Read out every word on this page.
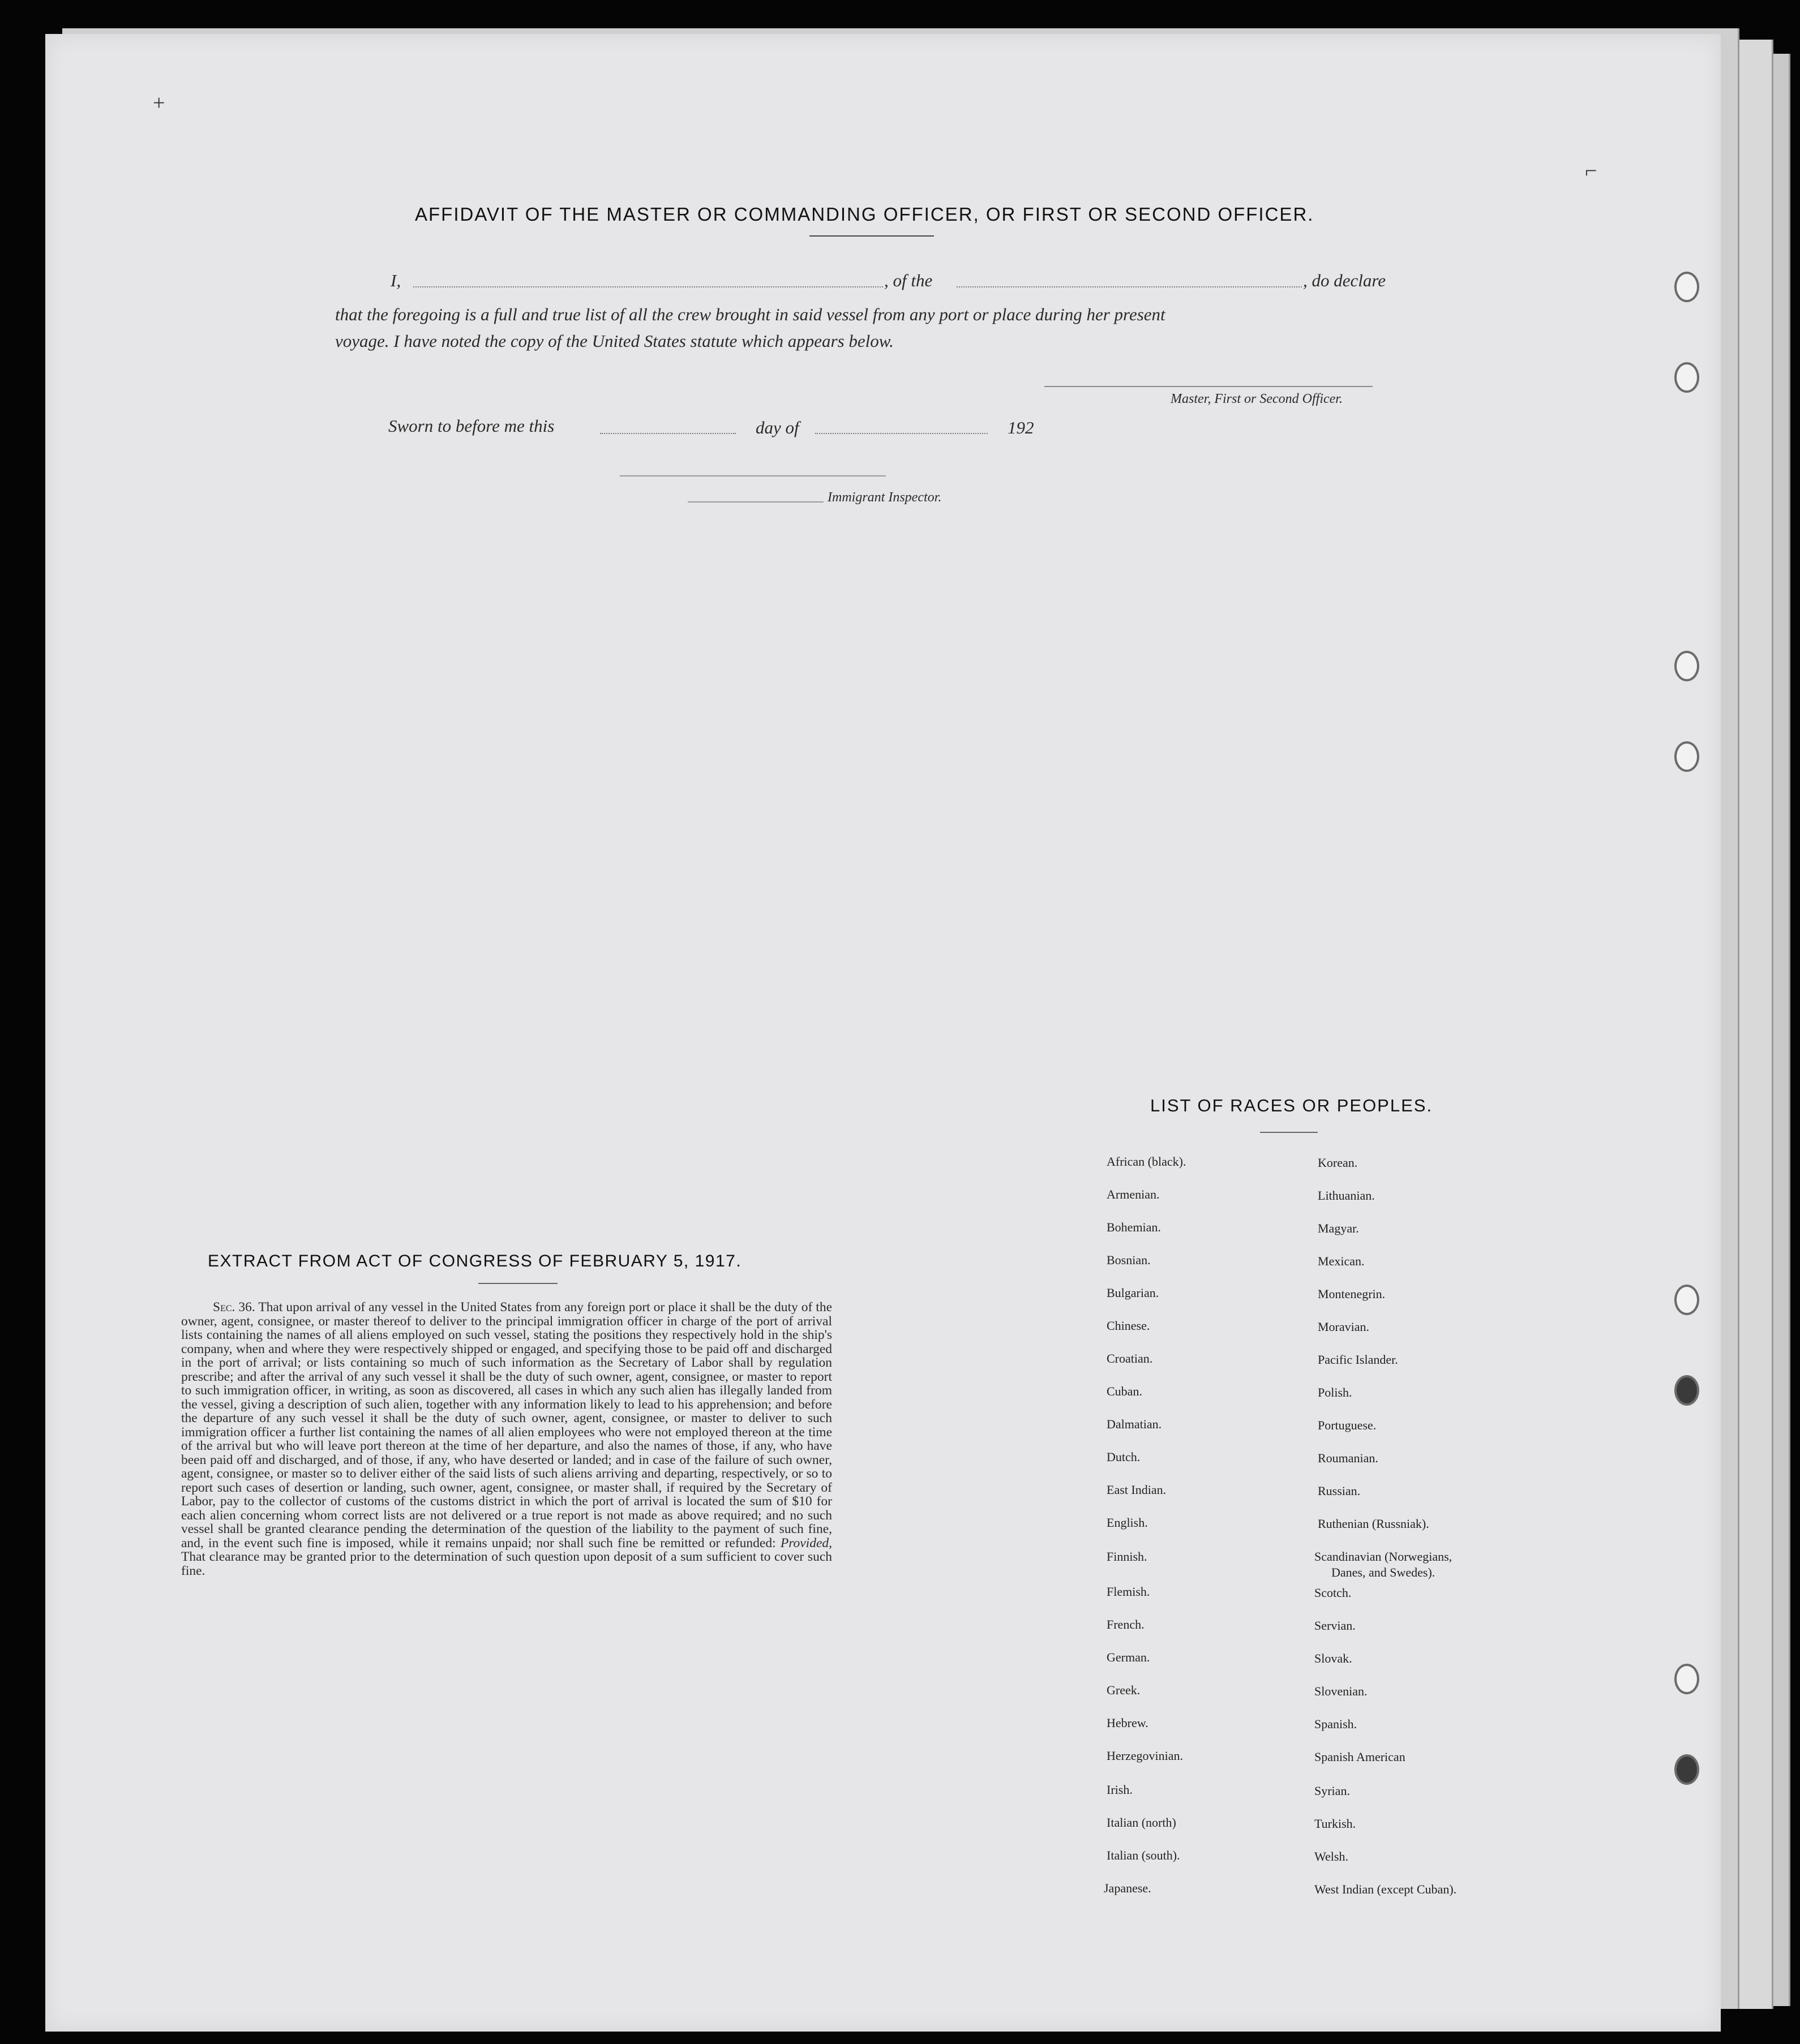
+
⌐
AFFIDAVIT OF THE MASTER OR COMMANDING OFFICER, OR FIRST OR SECOND OFFICER.
I,	, of the	, do declare
that the foregoing is a full and true list of all the crew brought in said vessel from any port or place during her present
voyage. I have noted the copy of the United States statute which appears below.
Master, First or Second Officer.
Sworn to before me this	day of	192
Immigrant Inspector.
EXTRACT FROM ACT OF CONGRESS OF FEBRUARY 5, 1917.
Sec. 36. That upon arrival of any vessel in the United States from any foreign port or place it shall be the duty of the owner, agent, consignee, or master thereof to deliver to the principal immigration officer in charge of the port of arrival lists containing the names of all aliens employed on such vessel, stating the positions they respectively hold in the ship's company, when and where they were respectively shipped or engaged, and specifying those to be paid off and discharged in the port of arrival; or lists containing so much of such information as the Secretary of Labor shall by regulation prescribe; and after the arrival of any such vessel it shall be the duty of such owner, agent, consignee, or master to report to such immigration officer, in writing, as soon as discovered, all cases in which any such alien has illegally landed from the vessel, giving a description of such alien, together with any information likely to lead to his apprehension; and before the departure of any such vessel it shall be the duty of such owner, agent, consignee, or master to deliver to such immigration officer a further list containing the names of all alien employees who were not employed thereon at the time of the arrival but who will leave port thereon at the time of her departure, and also the names of those, if any, who have been paid off and discharged, and of those, if any, who have deserted or landed; and in case of the failure of such owner, agent, consignee, or master so to deliver either of the said lists of such aliens arriving and departing, respectively, or so to report such cases of desertion or landing, such owner, agent, consignee, or master shall, if required by the Secretary of Labor, pay to the collector of customs of the customs district in which the port of arrival is located the sum of $10 for each alien concerning whom correct lists are not delivered or a true report is not made as above required; and no such vessel shall be granted clearance pending the determination of the question of the liability to the payment of such fine, and, in the event such fine is imposed, while it remains unpaid; nor shall such fine be remitted or refunded: Provided, That clearance may be granted prior to the determination of such question upon deposit of a sum sufficient to cover such fine.
LIST OF RACES OR PEOPLES.
African (black).
Armenian.
Bohemian.
Bosnian.
Bulgarian.
Chinese.
Croatian.
Cuban.
Dalmatian.
Dutch.
East Indian.
English.
Finnish.
Flemish.
French.
German.
Greek.
Hebrew.
Herzegovinian.
Irish.
Italian (north)
Italian (south).
Japanese.
Korean.
Lithuanian.
Magyar.
Mexican.
Montenegrin.
Moravian.
Pacific Islander.
Polish.
Portuguese.
Roumanian.
Russian.
Ruthenian (Russniak).
Scandinavian (Norwegians,
Danes, and Swedes).
Scotch.
Servian.
Slovak.
Slovenian.
Spanish.
Spanish American
Syrian.
Turkish.
Welsh.
West Indian (except Cuban).
